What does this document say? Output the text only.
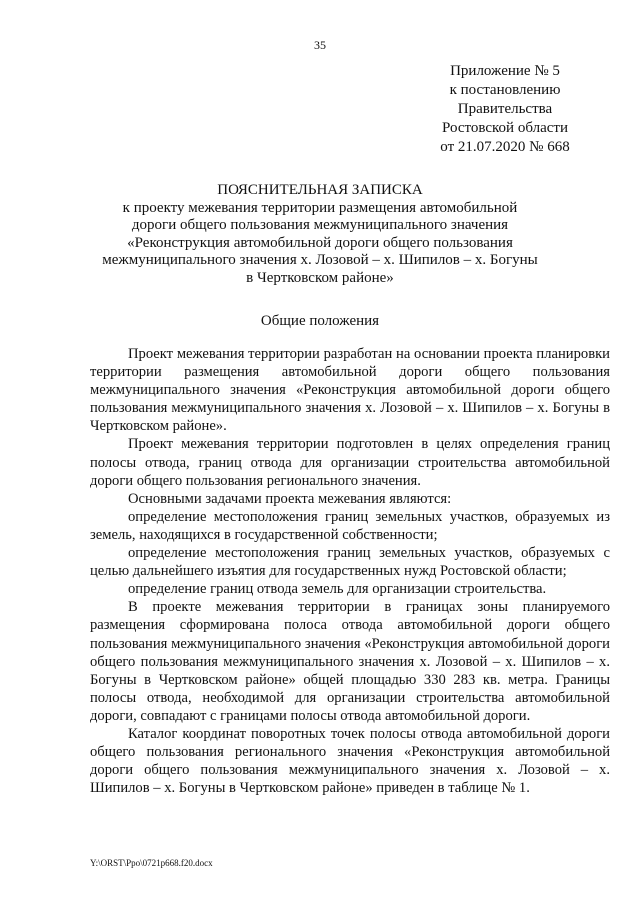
35
Приложение № 5
к постановлению
Правительства
Ростовской области
от 21.07.2020 № 668
ПОЯСНИТЕЛЬНАЯ ЗАПИСКА
к проекту межевания территории размещения автомобильной дороги общего пользования межмуниципального значения «Реконструкция автомобильной дороги общего пользования межмуниципального значения х. Лозовой – х. Шипилов – х. Богуны в Чертковском районе»
Общие положения

Проект межевания территории разработан на основании проекта планировки территории размещения автомобильной дороги общего пользования межмуниципального значения «Реконструкция автомобильной дороги общего пользования межмуниципального значения х. Лозовой – х. Шипилов – х. Богуны в Чертковском районе».

Проект межевания территории подготовлен в целях определения границ полосы отвода, границ отвода для организации строительства автомобильной дороги общего пользования регионального значения.

Основными задачами проекта межевания являются:

определение местоположения границ земельных участков, образуемых из земель, находящихся в государственной собственности;

определение местоположения границ земельных участков, образуемых с целью дальнейшего изъятия для государственных нужд Ростовской области;

определение границ отвода земель для организации строительства.

В проекте межевания территории в границах зоны планируемого размещения сформирована полоса отвода автомобильной дороги общего пользования межмуниципального значения «Реконструкция автомобильной дороги общего пользования межмуниципального значения х. Лозовой – х. Шипилов – х. Богуны в Чертковском районе» общей площадью 330 283 кв. метра. Границы полосы отвода, необходимой для организации строительства автомобильной дороги, совпадают с границами полосы отвода автомобильной дороги.

Каталог координат поворотных точек полосы отвода автомобильной дороги общего пользования регионального значения «Реконструкция автомобильной дороги общего пользования межмуниципального значения х. Лозовой – х. Шипилов – х. Богуны в Чертковском районе» приведен в таблице № 1.

Y:\ORST\Ppo\0721p668.f20.docx
